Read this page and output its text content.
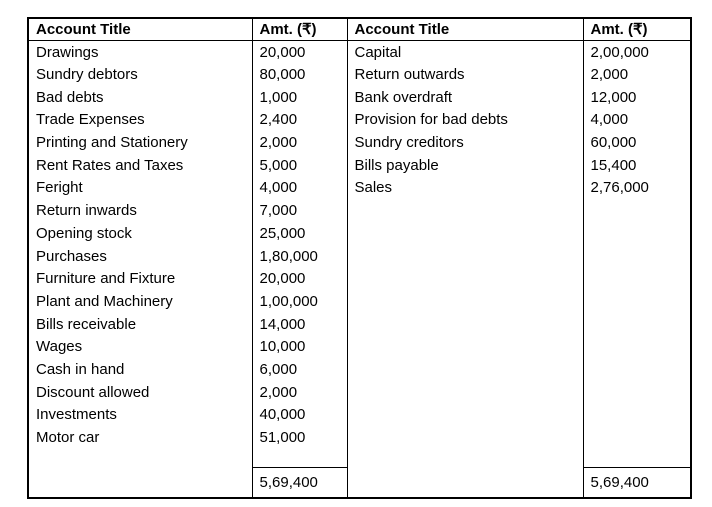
Account Title	Amt. (₹)	Account Title	Amt. (₹)
Drawings	20,000	Capital	2,00,000
Sundry debtors	80,000	Return outwards	2,000
Bad debts	1,000	Bank overdraft	12,000
Trade Expenses	2,400	Provision for bad debts	4,000
Printing and Stationery	2,000	Sundry creditors	60,000
Rent Rates and Taxes	5,000	Bills payable	15,400
Feright	4,000	Sales	2,76,000
Return inwards	7,000		
Opening stock	25,000		
Purchases	1,80,000		
Furniture and Fixture	20,000		
Plant and Machinery	1,00,000		
Bills receivable	14,000		
Wages	10,000		
Cash in hand	6,000		
Discount allowed	2,000		
Investments	40,000		
Motor car	51,000		

	5,69,400		5,69,400
